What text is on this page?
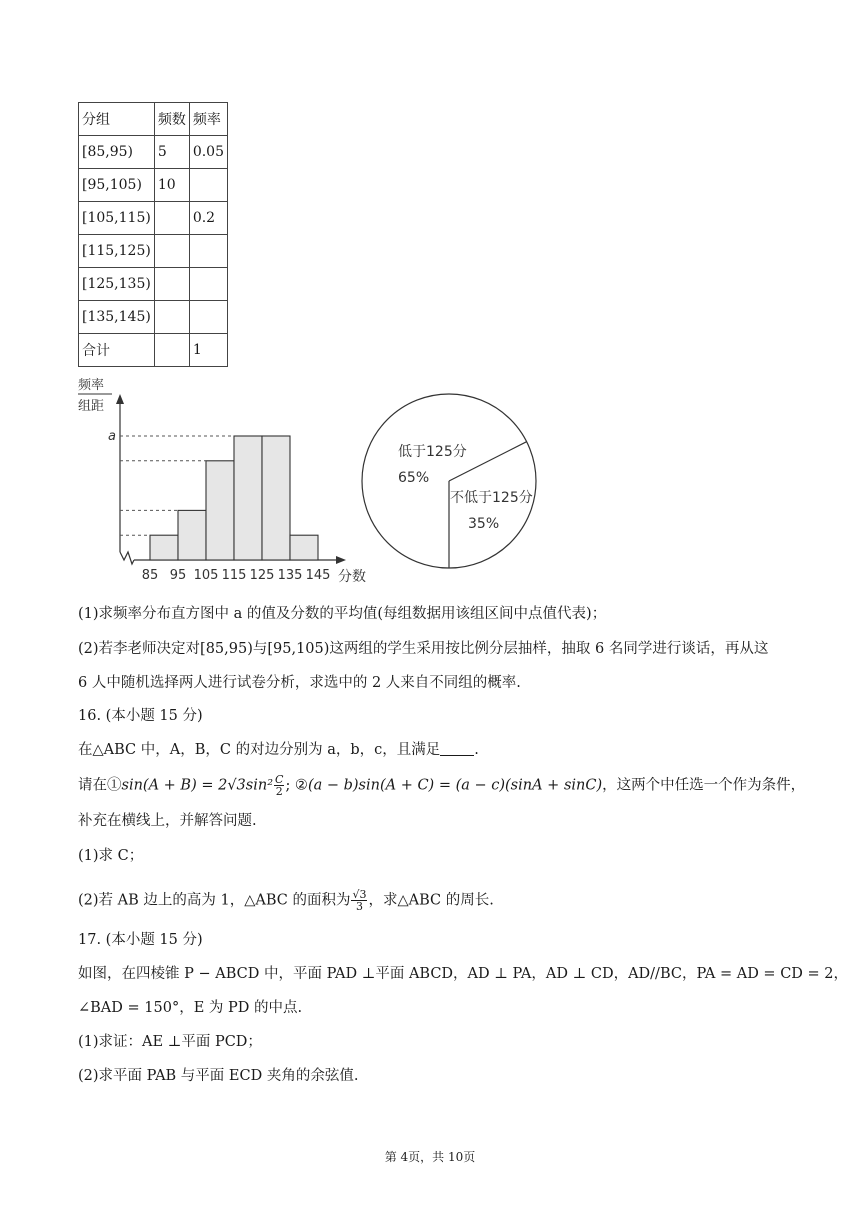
分组	频数	频率
[85,95)	5	0.05
[95,105)	10	
[105,115)		0.2
[115,125)		
[125,135)		
[135,145)		
合计		1
频率
组距
a
85 95 105 115 125 135 145 分数
低于125分
65%
不低于125分
35%
(1)求频率分布直方图中 a 的值及分数的平均值(每组数据用该组区间中点值代表)；
(2)若李老师决定对[85,95)与[95,105)这两组的学生采用按比例分层抽样，抽取 6 名同学进行谈话，再从这
6 人中随机选择两人进行试卷分析，求选中的 2 人来自不同组的概率.
16. (本小题 15 分)
在△ABC 中，A，B，C 的对边分别为 a，b，c，且满足 .
请在①sin(A + $B) = 2√3\sin^2 \frac{C}{2}$ ; ②(a − b)sin(A + C) = (a − c)(sinA + sinC)，这两个中任选一个作为条件，
补充在横线上，并解答问题.
(1)求 C；
(2)若 AB 边上的高为 1，△ABC 的面积为 $\frac{√3}{3}$ ，求△ABC 的周长.
17. (本小题 15 分)
如图，在四棱锥 P − ABCD 中，平面 PAD ⊥平面 ABCD，AD ⊥ PA，AD ⊥ CD，AD//BC，PA = AD = CD = 2，
∠BAD = 150°，E 为 PD 的中点.
(1)求证：AE ⊥平面 PCD；
(2)求平面 PAB 与平面 ECD 夹角的余弦值.
第 4页，共 10页
